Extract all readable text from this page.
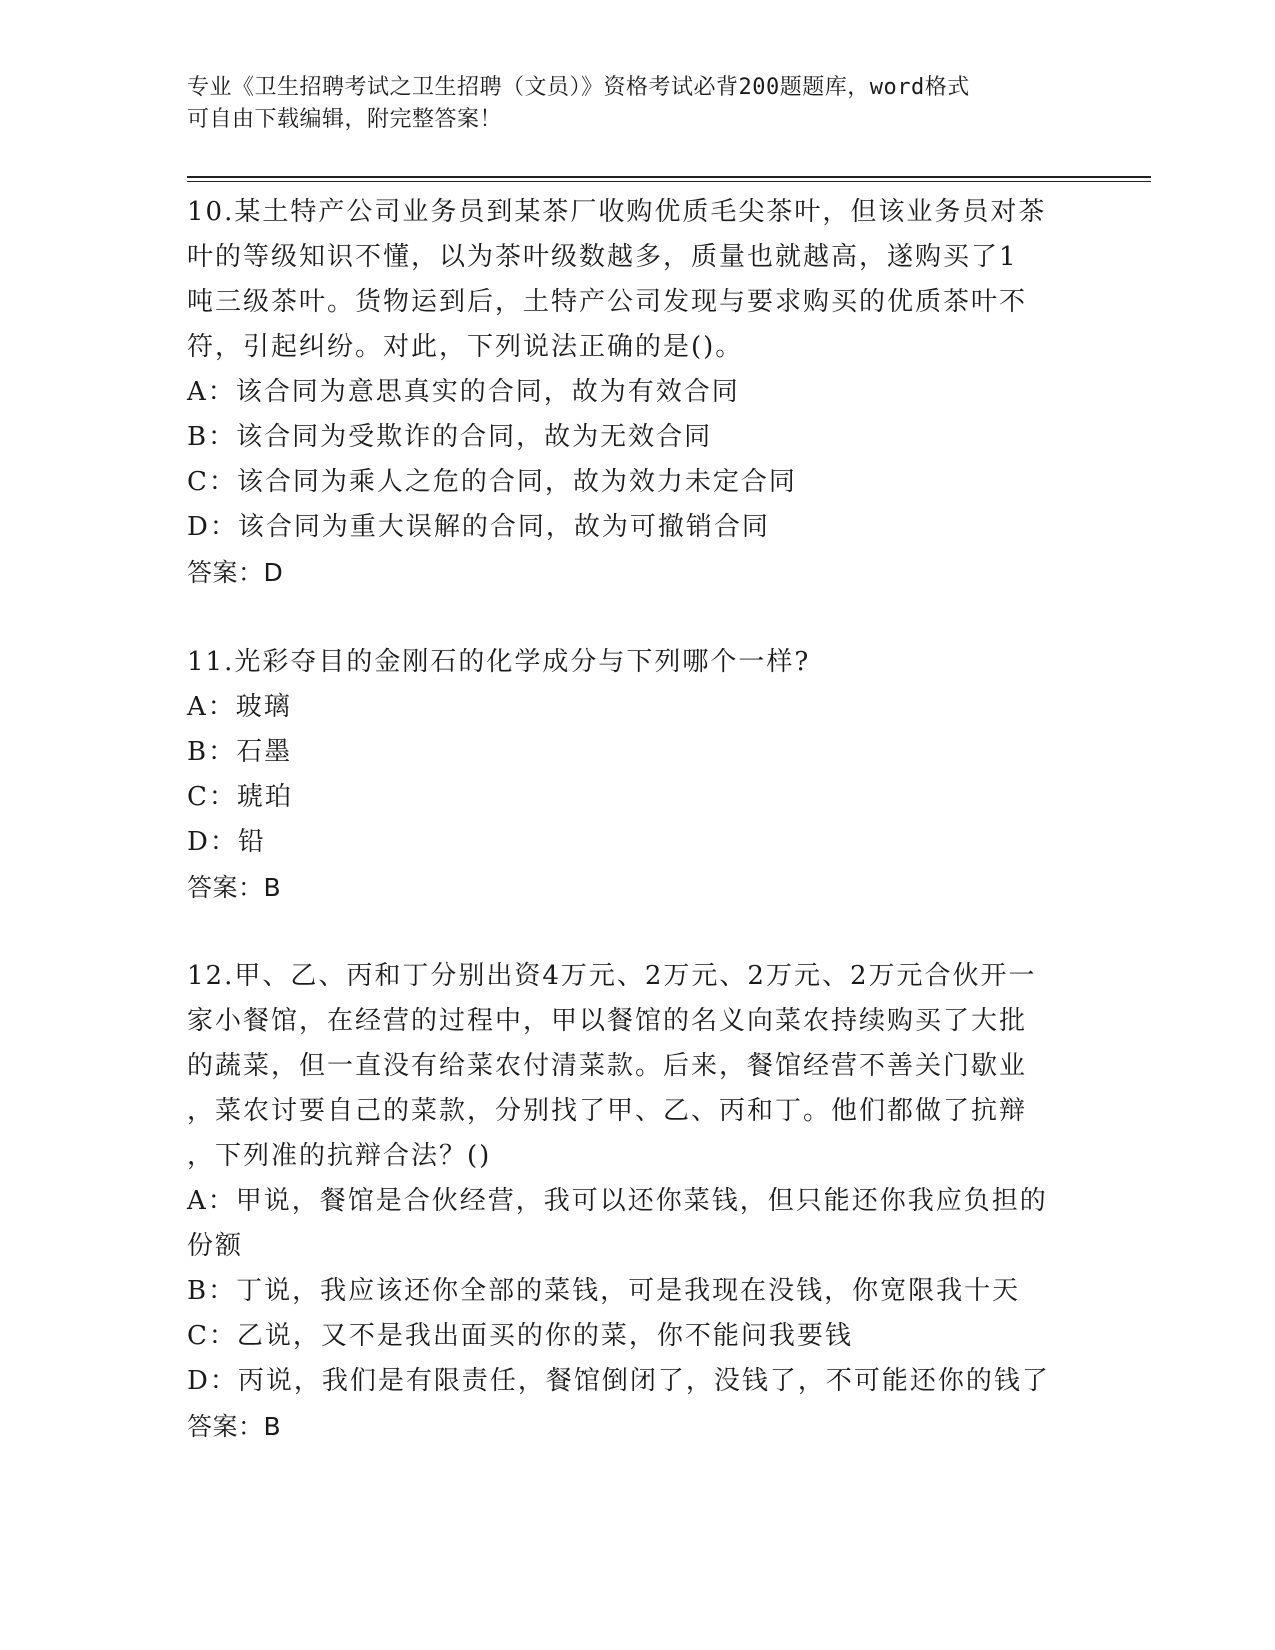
专业《卫生招聘考试之卫生招聘（文员）》资格考试必背200题题库，word格式
可自由下载编辑，附完整答案！

10.某土特产公司业务员到某茶厂收购优质毛尖茶叶，但该业务员对茶

叶的等级知识不懂，以为茶叶级数越多，质量也就越高，遂购买了1

吨三级茶叶。货物运到后，土特产公司发现与要求购买的优质茶叶不

符，引起纠纷。对此，下列说法正确的是()。

A：该合同为意思真实的合同，故为有效合同

B：该合同为受欺诈的合同，故为无效合同

C：该合同为乘人之危的合同，故为效力未定合同

D：该合同为重大误解的合同，故为可撤销合同

答案：D

11.光彩夺目的金刚石的化学成分与下列哪个一样?

A：玻璃

B：石墨

C：琥珀

D：铅

答案：B

12.甲、乙、丙和丁分别出资4万元、2万元、2万元、2万元合伙开一

家小餐馆，在经营的过程中，甲以餐馆的名义向菜农持续购买了大批

的蔬菜，但一直没有给菜农付清菜款。后来，餐馆经营不善关门歇业

，菜农讨要自己的菜款，分别找了甲、乙、丙和丁。他们都做了抗辩

，下列准的抗辩合法？()

A：甲说，餐馆是合伙经营，我可以还你菜钱，但只能还你我应负担的

份额

B：丁说，我应该还你全部的菜钱，可是我现在没钱，你宽限我十天

C：乙说，又不是我出面买的你的菜，你不能问我要钱

D：丙说，我们是有限责任，餐馆倒闭了，没钱了，不可能还你的钱了

答案：B
